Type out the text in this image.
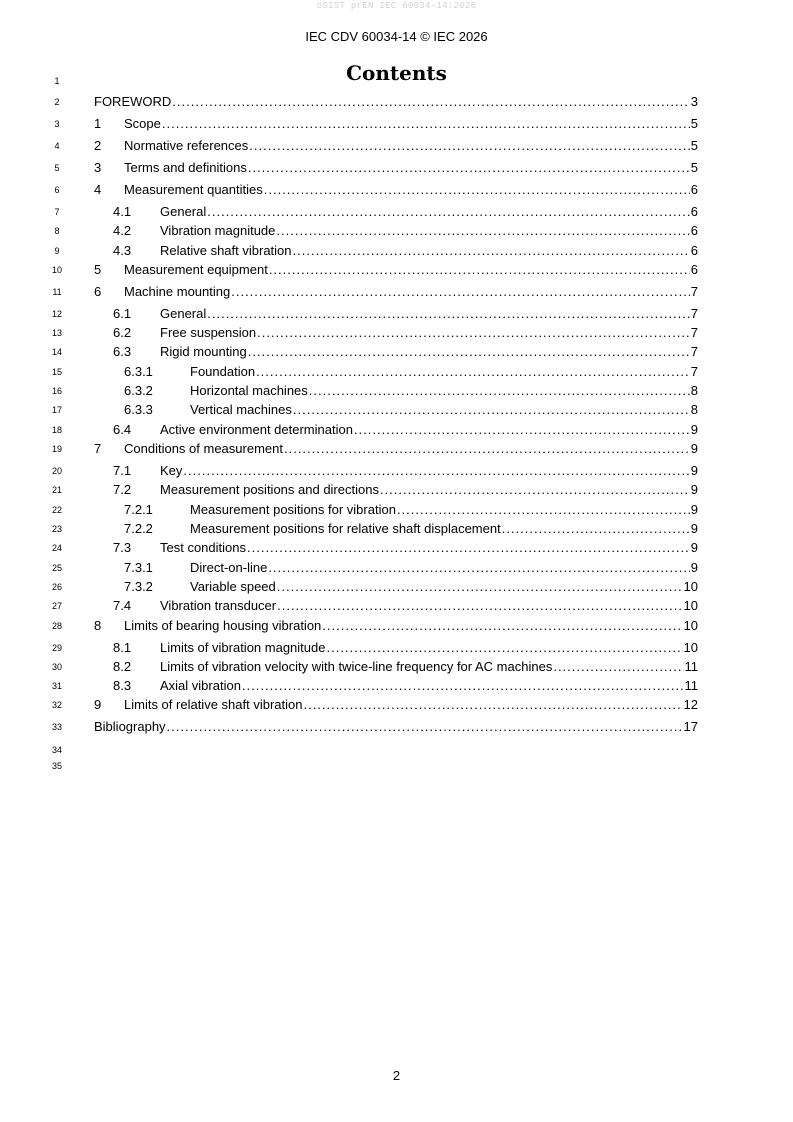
oSIST prEN IEC 60034-14:2026
IEC CDV 60034-14 © IEC 2026
Contents
1
2
3
4
5
6
7
8
9
10
11
12
13
14
15
16
17
18
19
20
21
22
23
24
25
26
27
28
29
30
31
32
33
34
35
FOREWORD .....	3
1 Scope .....	5
2 Normative references .....	5
3 Terms and definitions .....	5
4 Measurement quantities .....	6
4.1 General .....	6
4.2 Vibration magnitude .....	6
4.3 Relative shaft vibration .....	6
5 Measurement equipment .....	6
6 Machine mounting .....	7
6.1 General .....	7
6.2 Free suspension .....	7
6.3 Rigid mounting .....	7
6.3.1	Foundation .....	7
6.3.2	Horizontal machines .....	8
6.3.3	Vertical machines .....	8
6.4 Active environment determination .....	9
7 Conditions of measurement .....	9
7.1 Key .....	9
7.2 Measurement positions and directions .....	9
7.2.1	Measurement positions for vibration .....	9
7.2.2	Measurement positions for relative shaft displacement .....	9
7.3 Test conditions .....	9
7.3.1	Direct-on-line .....	9
7.3.2	Variable speed .....	10
7.4 Vibration transducer .....	10
8 Limits of bearing housing vibration .....	10
8.1 Limits of vibration magnitude .....	10
8.2 Limits of vibration velocity with twice-line frequency for AC machines .....	11
8.3 Axial vibration .....	11
9 Limits of relative shaft vibration .....	12
Bibliography .....	17
2
